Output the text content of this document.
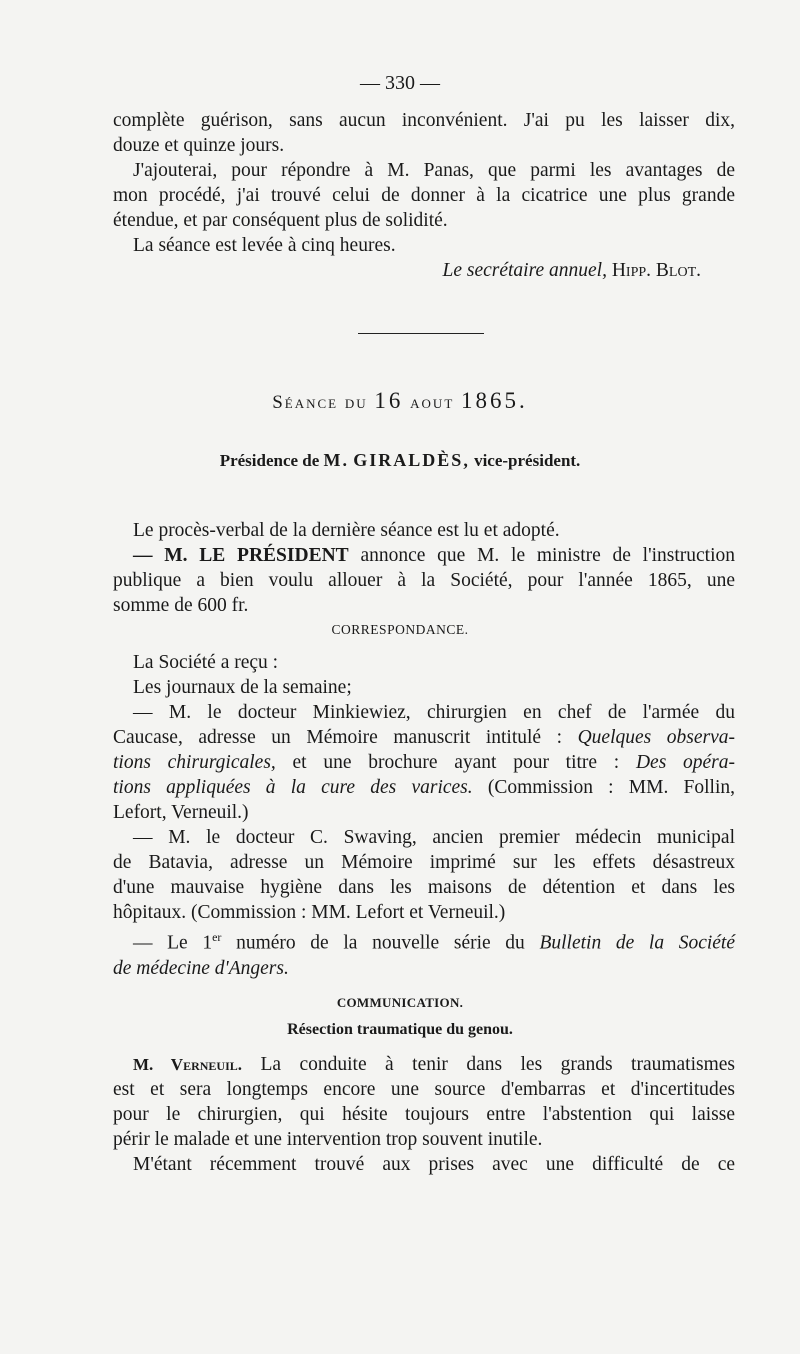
— 330 —

complète guérison, sans aucun inconvénient. J'ai pu les laisser dix,

douze et quinze jours.

J'ajouterai, pour répondre à M. Panas, que parmi les avantages de

mon procédé, j'ai trouvé celui de donner à la cicatrice une plus grande

étendue, et par conséquent plus de solidité.

La séance est levée à cinq heures.

Le secrétaire annuel, Hipp. Blot.

Séance du 16 aout 1865.

Présidence de M. GIRALDÈS, vice-président.

Le procès-verbal de la dernière séance est lu et adopté.

— M. LE PRÉSIDENT annonce que M. le ministre de l'instruction

publique a bien voulu allouer à la Société, pour l'année 1865, une

somme de 600 fr.

CORRESPONDANCE.

La Société a reçu :

Les journaux de la semaine;

— M. le docteur Minkiewiez, chirurgien en chef de l'armée du

Caucase, adresse un Mémoire manuscrit intitulé : Quelques observa-

tions chirurgicales, et une brochure ayant pour titre : Des opéra-

tions appliquées à la cure des varices. (Commission : MM. Follin,

Lefort, Verneuil.)

— M. le docteur C. Swaving, ancien premier médecin municipal

de Batavia, adresse un Mémoire imprimé sur les effets désastreux

d'une mauvaise hygiène dans les maisons de détention et dans les

hôpitaux. (Commission : MM. Lefort et Verneuil.)

— Le 1er numéro de la nouvelle série du Bulletin de la Société

de médecine d'Angers.

COMMUNICATION.

Résection traumatique du genou.

M. Verneuil. La conduite à tenir dans les grands traumatismes

est et sera longtemps encore une source d'embarras et d'incertitudes

pour le chirurgien, qui hésite toujours entre l'abstention qui laisse

périr le malade et une intervention trop souvent inutile.

M'étant récemment trouvé aux prises avec une difficulté de ce
